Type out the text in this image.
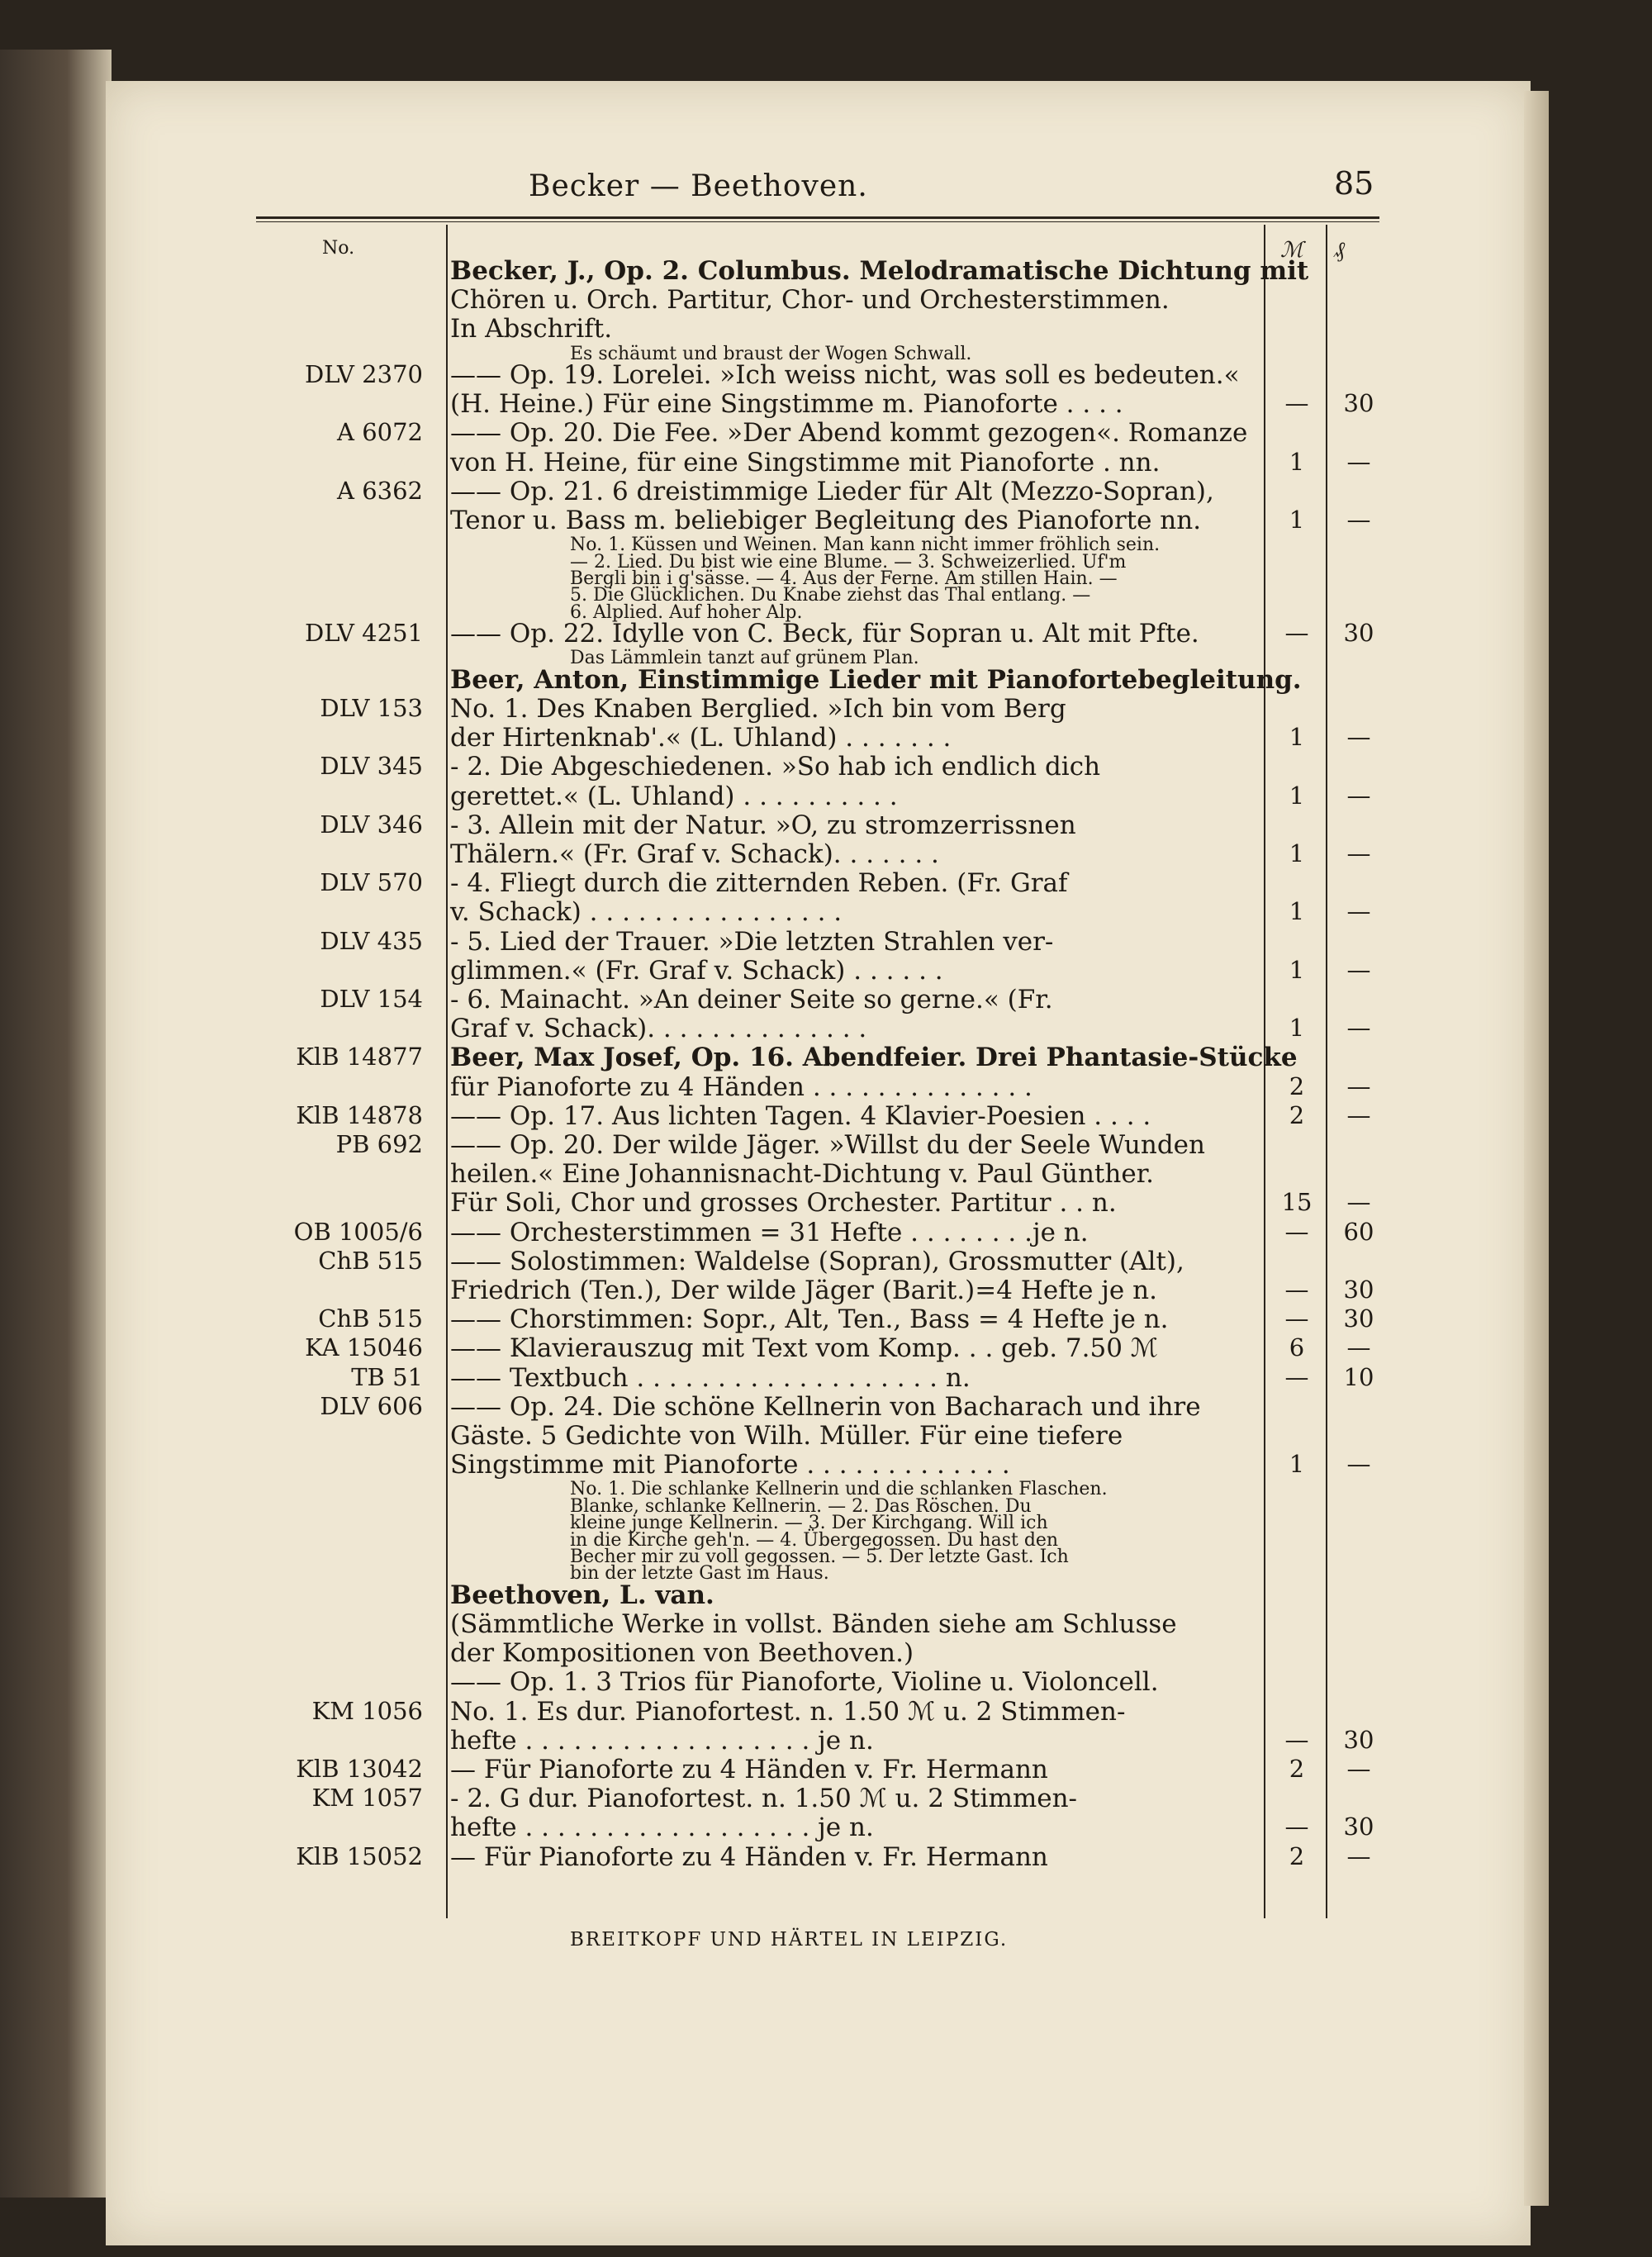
Becker — Beethoven.	85
No.	ℳ ₰
Becker, J., Op. 2. Columbus. Melodramatische Dichtung mit
Chören u. Orch. Partitur, Chor- und Orchesterstimmen.
In Abschrift.
Es schäumt und braust der Wogen Schwall.
DLV 2370 —— Op. 19. Lorelei. »Ich weiss nicht, was soll es bedeuten.«
(H. Heine.) Für eine Singstimme m. Pianoforte . . . .	—	30
A 6072 —— Op. 20. Die Fee. »Der Abend kommt gezogen«. Romanze
von H. Heine, für eine Singstimme mit Pianoforte . nn.	1	—
A 6362 —— Op. 21. 6 dreistimmige Lieder für Alt (Mezzo-Sopran),
Tenor u. Bass m. beliebiger Begleitung des Pianoforte nn.	1	—
No. 1. Küssen und Weinen. Man kann nicht immer fröhlich sein.
— 2. Lied. Du bist wie eine Blume. — 3. Schweizerlied. Uf'm
Bergli bin i g'sässe. — 4. Aus der Ferne. Am stillen Hain. —
5. Die Glücklichen. Du Knabe ziehst das Thal entlang. —
6. Alplied. Auf hoher Alp.
DLV 4251 —— Op. 22. Idylle von C. Beck, für Sopran u. Alt mit Pfte.	—	30
Das Lämmlein tanzt auf grünem Plan.
Beer, Anton, Einstimmige Lieder mit Pianofortebegleitung.
DLV 153 No. 1. Des Knaben Berglied. »Ich bin vom Berg
der Hirtenknab'.« (L. Uhland) . . . . . . .	1	—
DLV 345 - 2. Die Abgeschiedenen. »So hab ich endlich dich
gerettet.« (L. Uhland) . . . . . . . . . .	1	—
DLV 346 - 3. Allein mit der Natur. »O, zu stromzerrissnen
Thälern.« (Fr. Graf v. Schack). . . . . . .	1	—
DLV 570 - 4. Fliegt durch die zitternden Reben. (Fr. Graf
v. Schack) . . . . . . . . . . . . . . . .	1	—
DLV 435 - 5. Lied der Trauer. »Die letzten Strahlen ver-
glimmen.« (Fr. Graf v. Schack) . . . . . .	1	—
DLV 154 - 6. Mainacht. »An deiner Seite so gerne.« (Fr.
Graf v. Schack). . . . . . . . . . . . . .	1	—
KlB 14877 Beer, Max Josef, Op. 16. Abendfeier. Drei Phantasie-Stücke
für Pianoforte zu 4 Händen . . . . . . . . . . . . . .	2	—
KlB 14878 —— Op. 17. Aus lichten Tagen. 4 Klavier-Poesien . . . .	2	—
PB 692 —— Op. 20. Der wilde Jäger. »Willst du der Seele Wunden
heilen.« Eine Johannisnacht-Dichtung v. Paul Günther.
Für Soli, Chor und grosses Orchester. Partitur . . n.	15	—
OB 1005/6 —— Orchesterstimmen = 31 Hefte . . . . . . . .je n.	—	60
ChB 515 —— Solostimmen: Waldelse (Sopran), Grossmutter (Alt),
Friedrich (Ten.), Der wilde Jäger (Barit.)=4 Hefte je n.	—	30
ChB 515 —— Chorstimmen: Sopr., Alt, Ten., Bass = 4 Hefte je n.	—	30
KA 15046 —— Klavierauszug mit Text vom Komp. . . geb. 7.50 ℳ	6	—
TB 51 —— Textbuch . . . . . . . . . . . . . . . . . . . n.	—	10
DLV 606 —— Op. 24. Die schöne Kellnerin von Bacharach und ihre
Gäste. 5 Gedichte von Wilh. Müller. Für eine tiefere
Singstimme mit Pianoforte . . . . . . . . . . . . .	1	—
No. 1. Die schlanke Kellnerin und die schlanken Flaschen.
Blanke, schlanke Kellnerin. — 2. Das Röschen. Du
kleine junge Kellnerin. — 3. Der Kirchgang. Will ich
in die Kirche geh'n. — 4. Übergegossen. Du hast den
Becher mir zu voll gegossen. — 5. Der letzte Gast. Ich
bin der letzte Gast im Haus.
Beethoven, L. van.
(Sämmtliche Werke in vollst. Bänden siehe am Schlusse
der Kompositionen von Beethoven.)
—— Op. 1. 3 Trios für Pianoforte, Violine u. Violoncell.
KM 1056 No. 1. Es dur. Pianofortest. n. 1.50 ℳ u. 2 Stimmen-
hefte . . . . . . . . . . . . . . . . . . je n.	—	30
KlB 13042 — Für Pianoforte zu 4 Händen v. Fr. Hermann	2	—
KM 1057 - 2. G dur. Pianofortest. n. 1.50 ℳ u. 2 Stimmen-
hefte . . . . . . . . . . . . . . . . . . je n.	—	30
KlB 15052 — Für Pianoforte zu 4 Händen v. Fr. Hermann	2	—
BREITKOPF UND HÄRTEL IN LEIPZIG.
